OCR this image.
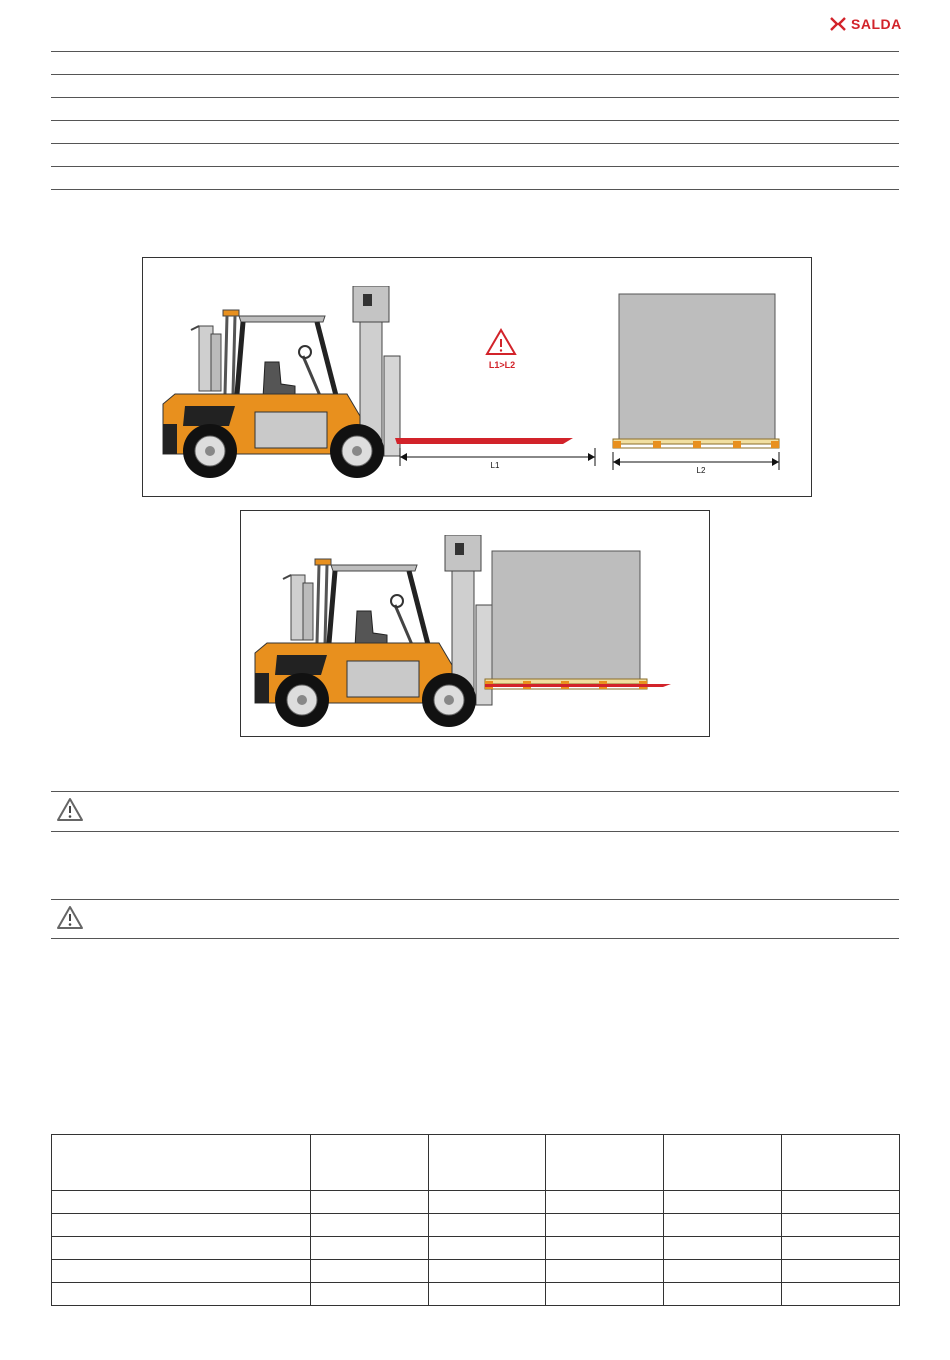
SALDA
L1
L1>L2
L2
